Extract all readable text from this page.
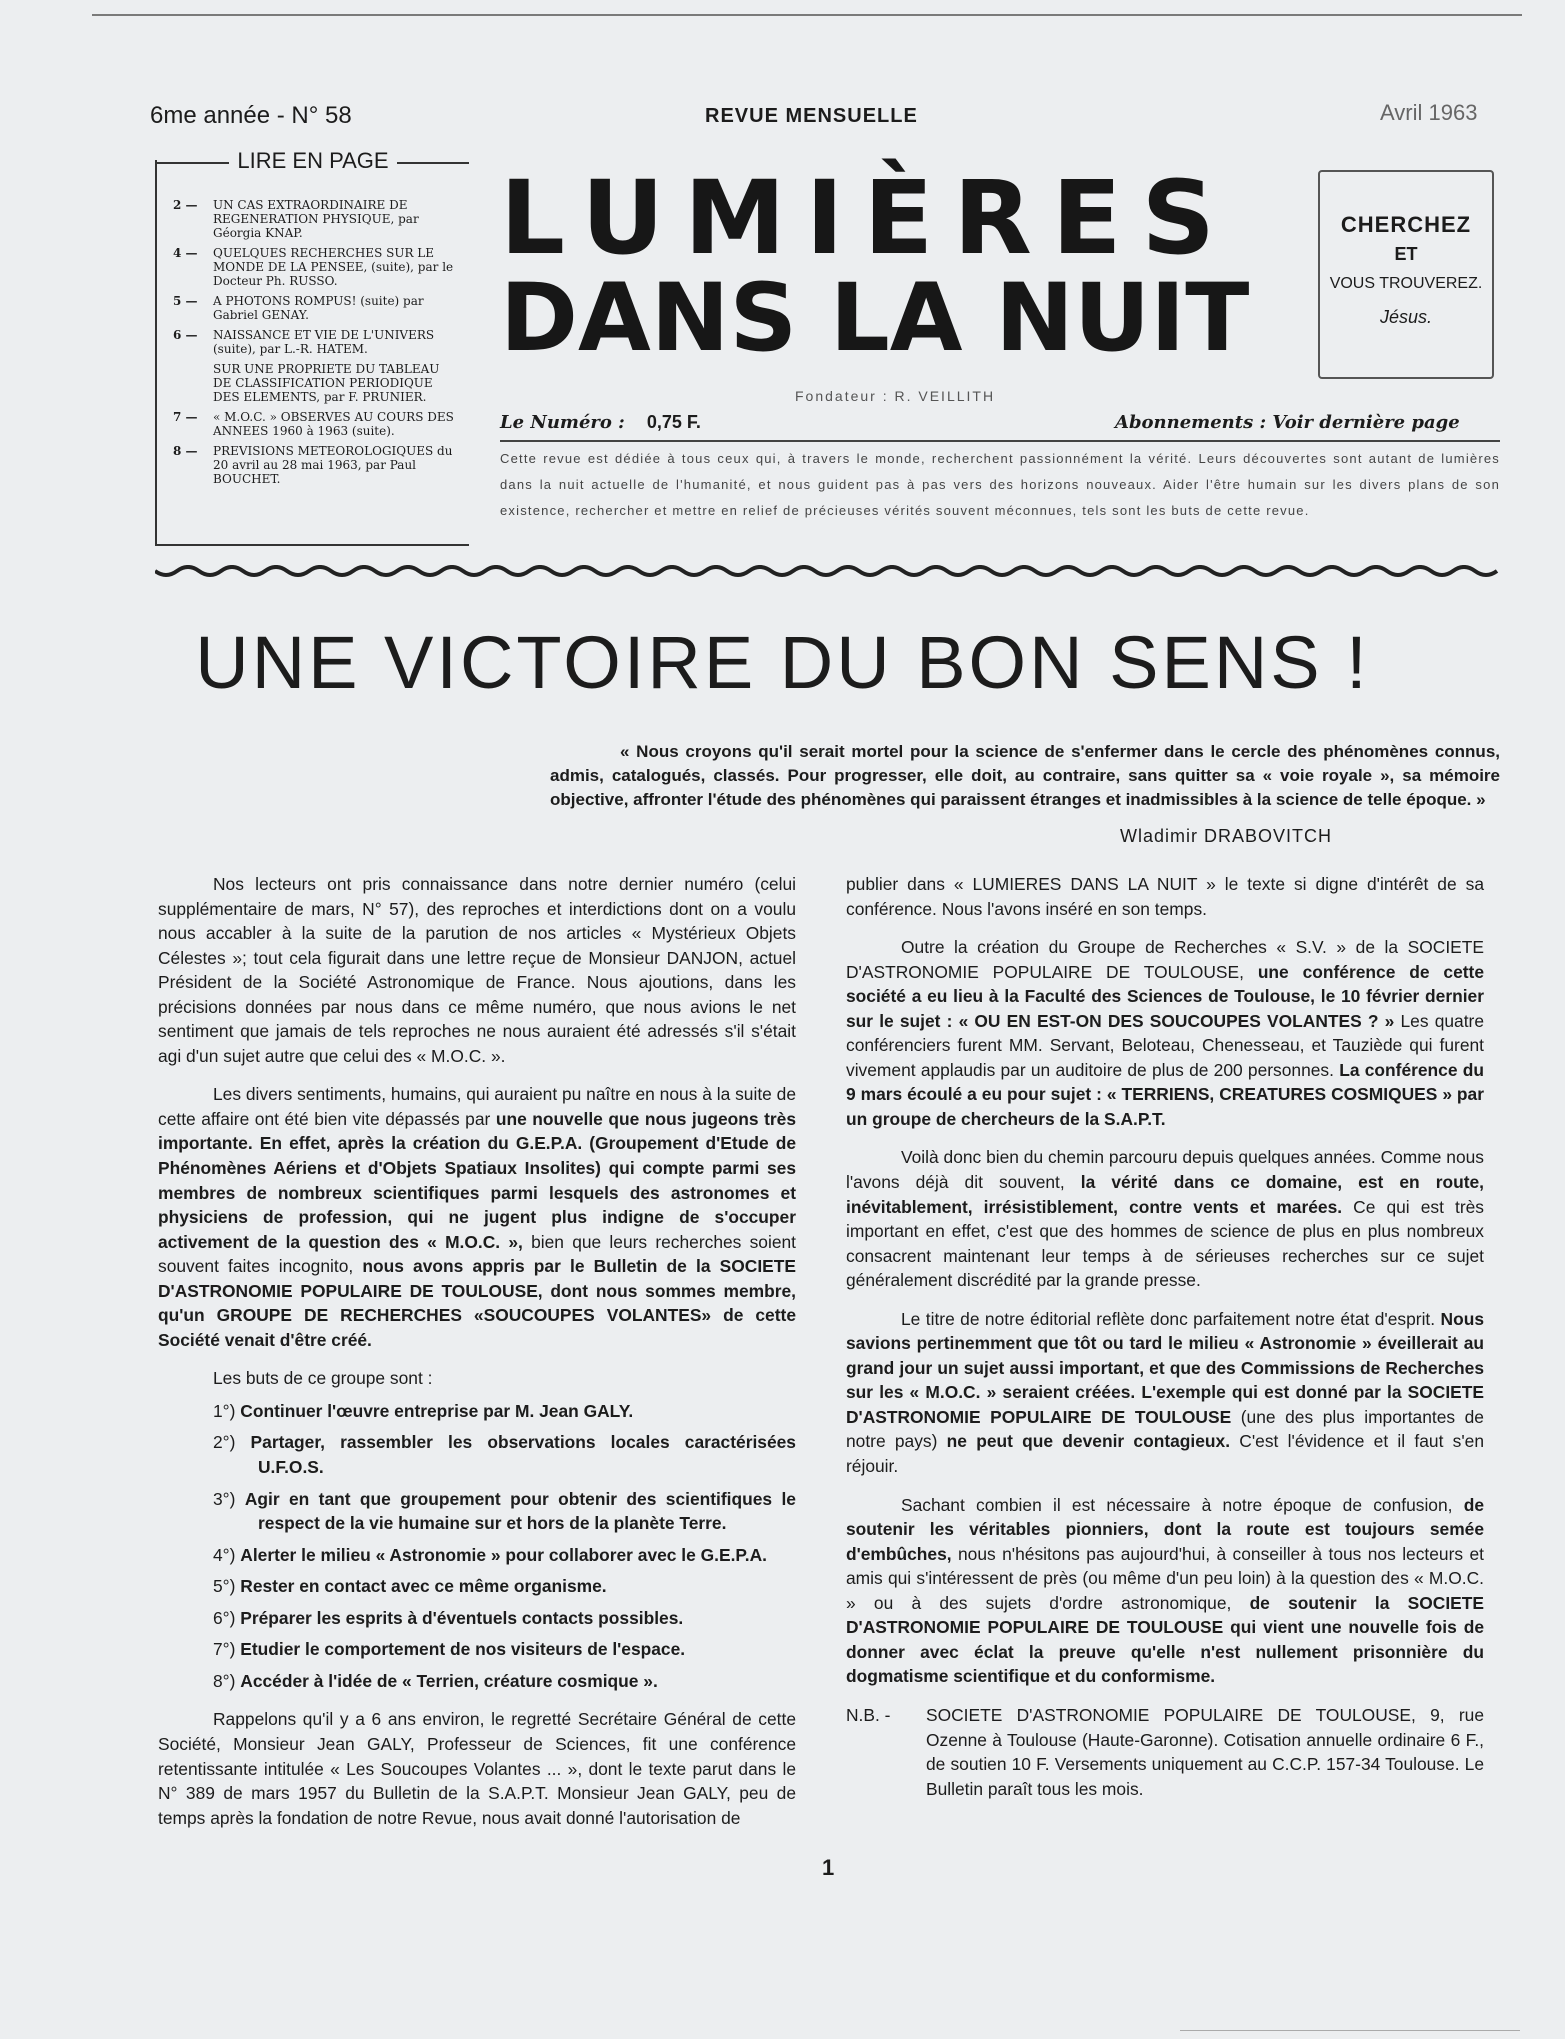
6me année - N° 58	REVUE MENSUELLE	Avril 1963
LIRE EN PAGE
2 —	UN CAS EXTRAORDINAIRE DE REGENERATION PHYSIQUE, par Géorgia KNAP.
4 —	QUELQUES RECHERCHES SUR LE MONDE DE LA PENSEE, (suite), par le Docteur Ph. RUSSO.
5 —	A PHOTONS ROMPUS! (suite) par Gabriel GENAY.
6 —	NAISSANCE ET VIE DE L'UNIVERS (suite), par L.-R. HATEM.
SUR UNE PROPRIETE DU TABLEAU DE CLASSIFICATION PERIODIQUE DES ELEMENTS, par F. PRUNIER.
7 —	« M.O.C. » OBSERVES AU COURS DES ANNEES 1960 à 1963 (suite).
8 —	PREVISIONS METEOROLOGIQUES du 20 avril au 28 mai 1963, par Paul BOUCHET.
LUMIÈRES
DANS LA NUIT
CHERCHEZ
ET
VOUS TROUVEREZ.
Jésus.
Fondateur : R. VEILLITH
Le Numéro : 0,75 F.	Abonnements : Voir dernière page
Cette revue est dédiée à tous ceux qui, à travers le monde, recherchent passionnément la vérité. Leurs découvertes sont autant de lumières dans la nuit actuelle de l'humanité, et nous guident pas à pas vers des horizons nouveaux. Aider l'être humain sur les divers plans de son existence, rechercher et mettre en relief de précieuses vérités souvent méconnues, tels sont les buts de cette revue.
UNE VICTOIRE DU BON SENS !
« Nous croyons qu'il serait mortel pour la science de s'enfermer dans le cercle des phénomènes connus, admis, catalogués, classés. Pour progresser, elle doit, au contraire, sans quitter sa « voie royale », sa mémoire objective, affronter l'étude des phénomènes qui paraissent étranges et inadmissibles à la science de telle époque. »
Wladimir DRABOVITCH

Nos lecteurs ont pris connaissance dans notre dernier numéro (celui supplémentaire de mars, N° 57), des reproches et interdictions dont on a voulu nous accabler à la suite de la parution de nos articles « Mystérieux Objets Célestes »; tout cela figurait dans une lettre reçue de Monsieur DANJON, actuel Président de la Société Astronomique de France. Nous ajoutions, dans les précisions données par nous dans ce même numéro, que nous avions le net sentiment que jamais de tels reproches ne nous auraient été adressés s'il s'était agi d'un sujet autre que celui des « M.O.C. ».

Les divers sentiments, humains, qui auraient pu naître en nous à la suite de cette affaire ont été bien vite dépassés par une nouvelle que nous jugeons très importante. En effet, après la création du G.E.P.A. (Groupement d'Etude de Phénomènes Aériens et d'Objets Spatiaux Insolites) qui compte parmi ses membres de nombreux scientifiques parmi lesquels des astronomes et physiciens de profession, qui ne jugent plus indigne de s'occuper activement de la question des « M.O.C. », bien que leurs recherches soient souvent faites incognito, nous avons appris par le Bulletin de la SOCIETE D'ASTRONOMIE POPULAIRE DE TOULOUSE, dont nous sommes membre, qu'un GROUPE DE RECHERCHES «SOUCOUPES VOLANTES» de cette Société venait d'être créé.

Les buts de ce groupe sont :

1°) Continuer l'œuvre entreprise par M. Jean GALY.
2°) Partager, rassembler les observations locales caractérisées U.F.O.S.
3°) Agir en tant que groupement pour obtenir des scientifiques le respect de la vie humaine sur et hors de la planète Terre.
4°) Alerter le milieu « Astronomie » pour collaborer avec le G.E.P.A.
5°) Rester en contact avec ce même organisme.
6°) Préparer les esprits à d'éventuels contacts possibles.
7°) Etudier le comportement de nos visiteurs de l'espace.
8°) Accéder à l'idée de « Terrien, créature cosmique ».

Rappelons qu'il y a 6 ans environ, le regretté Secrétaire Général de cette Société, Monsieur Jean GALY, Professeur de Sciences, fit une conférence retentissante intitulée « Les Soucoupes Volantes ... », dont le texte parut dans le N° 389 de mars 1957 du Bulletin de la S.A.P.T. Monsieur Jean GALY, peu de temps après la fondation de notre Revue, nous avait donné l'autorisation de

publier dans « LUMIERES DANS LA NUIT » le texte si digne d'intérêt de sa conférence. Nous l'avons inséré en son temps.

Outre la création du Groupe de Recherches « S.V. » de la SOCIETE D'ASTRONOMIE POPULAIRE DE TOULOUSE, une conférence de cette société a eu lieu à la Faculté des Sciences de Toulouse, le 10 février dernier sur le sujet : « OU EN EST-ON DES SOUCOUPES VOLANTES ? » Les quatre conférenciers furent MM. Servant, Beloteau, Chenesseau, et Tauziède qui furent vivement applaudis par un auditoire de plus de 200 personnes. La conférence du 9 mars écoulé a eu pour sujet : « TERRIENS, CREATURES COSMIQUES » par un groupe de chercheurs de la S.A.P.T.

Voilà donc bien du chemin parcouru depuis quelques années. Comme nous l'avons déjà dit souvent, la vérité dans ce domaine, est en route, inévitablement, irrésistiblement, contre vents et marées. Ce qui est très important en effet, c'est que des hommes de science de plus en plus nombreux consacrent maintenant leur temps à de sérieuses recherches sur ce sujet généralement discrédité par la grande presse.

Le titre de notre éditorial reflète donc parfaitement notre état d'esprit. Nous savions pertinemment que tôt ou tard le milieu « Astronomie » éveillerait au grand jour un sujet aussi important, et que des Commissions de Recherches sur les « M.O.C. » seraient créées. L'exemple qui est donné par la SOCIETE D'ASTRONOMIE POPULAIRE DE TOULOUSE (une des plus importantes de notre pays) ne peut que devenir contagieux. C'est l'évidence et il faut s'en réjouir.

Sachant combien il est nécessaire à notre époque de confusion, de soutenir les véritables pionniers, dont la route est toujours semée d'embûches, nous n'hésitons pas aujourd'hui, à conseiller à tous nos lecteurs et amis qui s'intéressent de près (ou même d'un peu loin) à la question des « M.O.C. » ou à des sujets d'ordre astronomique, de soutenir la SOCIETE D'ASTRONOMIE POPULAIRE DE TOULOUSE qui vient une nouvelle fois de donner avec éclat la preuve qu'elle n'est nullement prisonnière du dogmatisme scientifique et du conformisme.

N.B. - SOCIETE D'ASTRONOMIE POPULAIRE DE TOULOUSE, 9, rue Ozenne à Toulouse (Haute-Garonne). Cotisation annuelle ordinaire 6 F., de soutien 10 F. Versements uniquement au C.C.P. 157-34 Toulouse. Le Bulletin paraît tous les mois.

1
